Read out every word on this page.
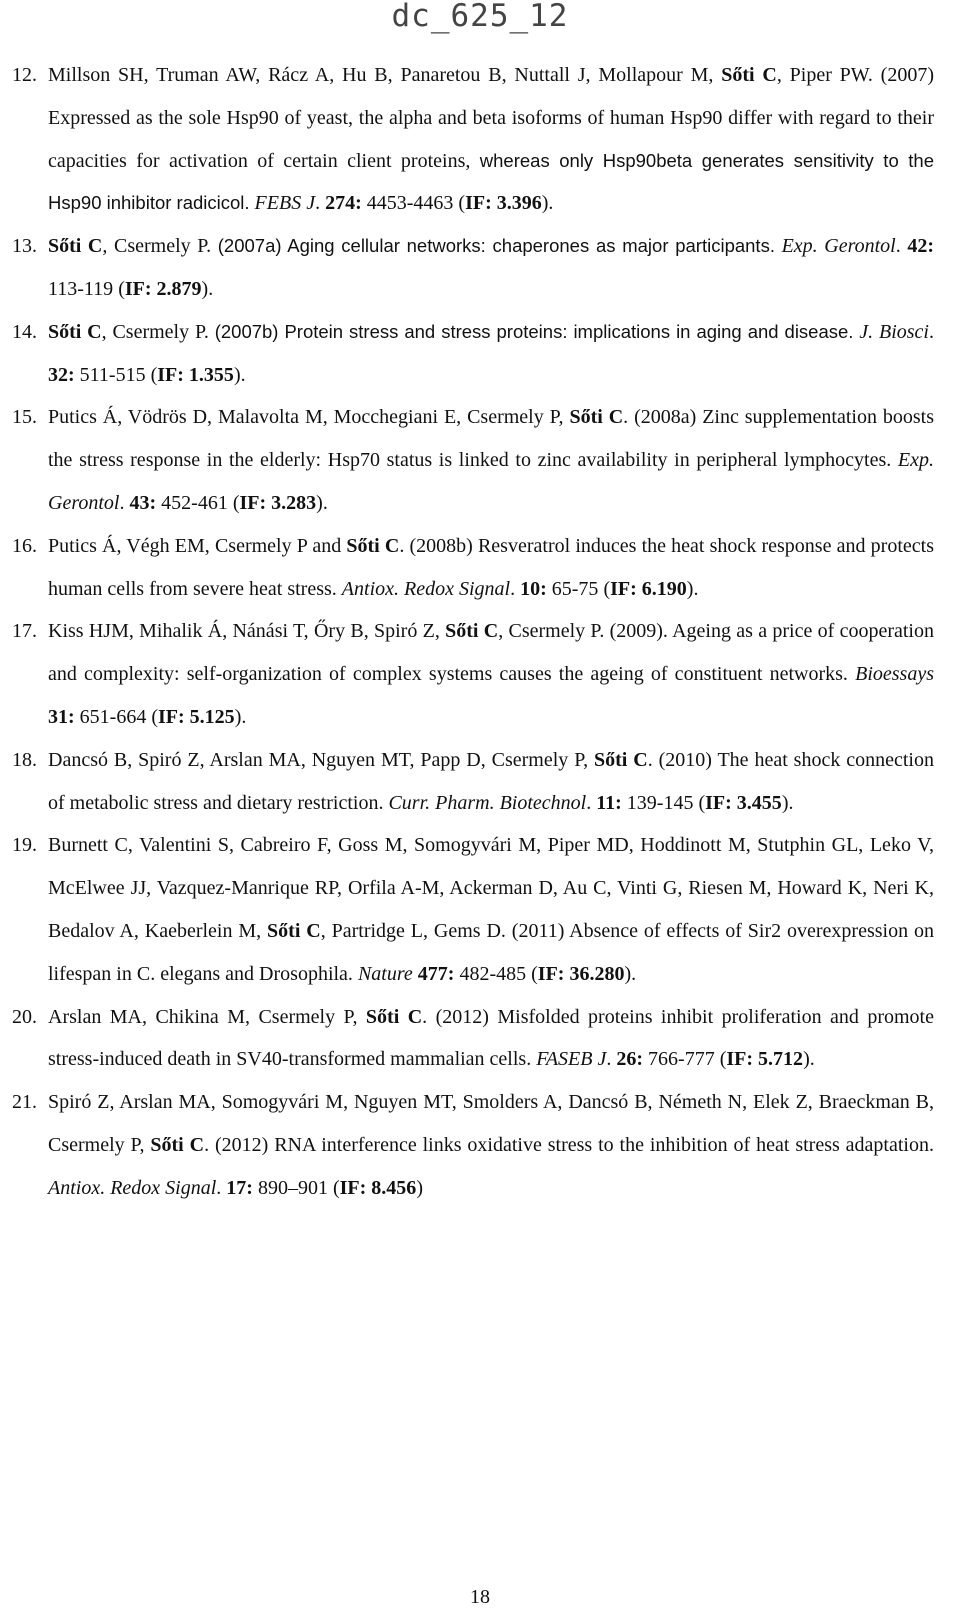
dc_625_12

12. Millson SH, Truman AW, Rácz A, Hu B, Panaretou B, Nuttall J, Mollapour M, Sőti C, Piper PW. (2007) Expressed as the sole Hsp90 of yeast, the alpha and beta isoforms of human Hsp90 differ with regard to their capacities for activation of certain client proteins, whereas only Hsp90beta generates sensitivity to the Hsp90 inhibitor radicicol. FEBS J. 274: 4453-4463 (IF: 3.396).

13. Sőti C, Csermely P. (2007a) Aging cellular networks: chaperones as major participants. Exp. Gerontol. 42: 113-119 (IF: 2.879).

14. Sőti C, Csermely P. (2007b) Protein stress and stress proteins: implications in aging and disease. J. Biosci. 32: 511-515 (IF: 1.355).

15. Putics Á, Vödrös D, Malavolta M, Mocchegiani E, Csermely P, Sőti C. (2008a) Zinc supplementation boosts the stress response in the elderly: Hsp70 status is linked to zinc availability in peripheral lymphocytes. Exp. Gerontol. 43: 452-461 (IF: 3.283).

16. Putics Á, Végh EM, Csermely P and Sőti C. (2008b) Resveratrol induces the heat shock response and protects human cells from severe heat stress. Antiox. Redox Signal. 10: 65-75 (IF: 6.190).

17. Kiss HJM, Mihalik Á, Nánási T, Őry B, Spiró Z, Sőti C, Csermely P. (2009). Ageing as a price of cooperation and complexity: self-organization of complex systems causes the ageing of constituent networks. Bioessays 31: 651-664 (IF: 5.125).

18. Dancsó B, Spiró Z, Arslan MA, Nguyen MT, Papp D, Csermely P, Sőti C. (2010) The heat shock connection of metabolic stress and dietary restriction. Curr. Pharm. Biotechnol. 11: 139-145 (IF: 3.455).

19. Burnett C, Valentini S, Cabreiro F, Goss M, Somogyvári M, Piper MD, Hoddinott M, Stutphin GL, Leko V, McElwee JJ, Vazquez-Manrique RP, Orfila A-M, Ackerman D, Au C, Vinti G, Riesen M, Howard K, Neri K, Bedalov A, Kaeberlein M, Sőti C, Partridge L, Gems D. (2011) Absence of effects of Sir2 overexpression on lifespan in C. elegans and Drosophila. Nature 477: 482-485 (IF: 36.280).

20. Arslan MA, Chikina M, Csermely P, Sőti C. (2012) Misfolded proteins inhibit proliferation and promote stress-induced death in SV40-transformed mammalian cells. FASEB J. 26: 766-777 (IF: 5.712).

21. Spiró Z, Arslan MA, Somogyvári M, Nguyen MT, Smolders A, Dancsó B, Németh N, Elek Z, Braeckman B, Csermely P, Sőti C. (2012) RNA interference links oxidative stress to the inhibition of heat stress adaptation. Antiox. Redox Signal. 17: 890–901 (IF: 8.456)

18
